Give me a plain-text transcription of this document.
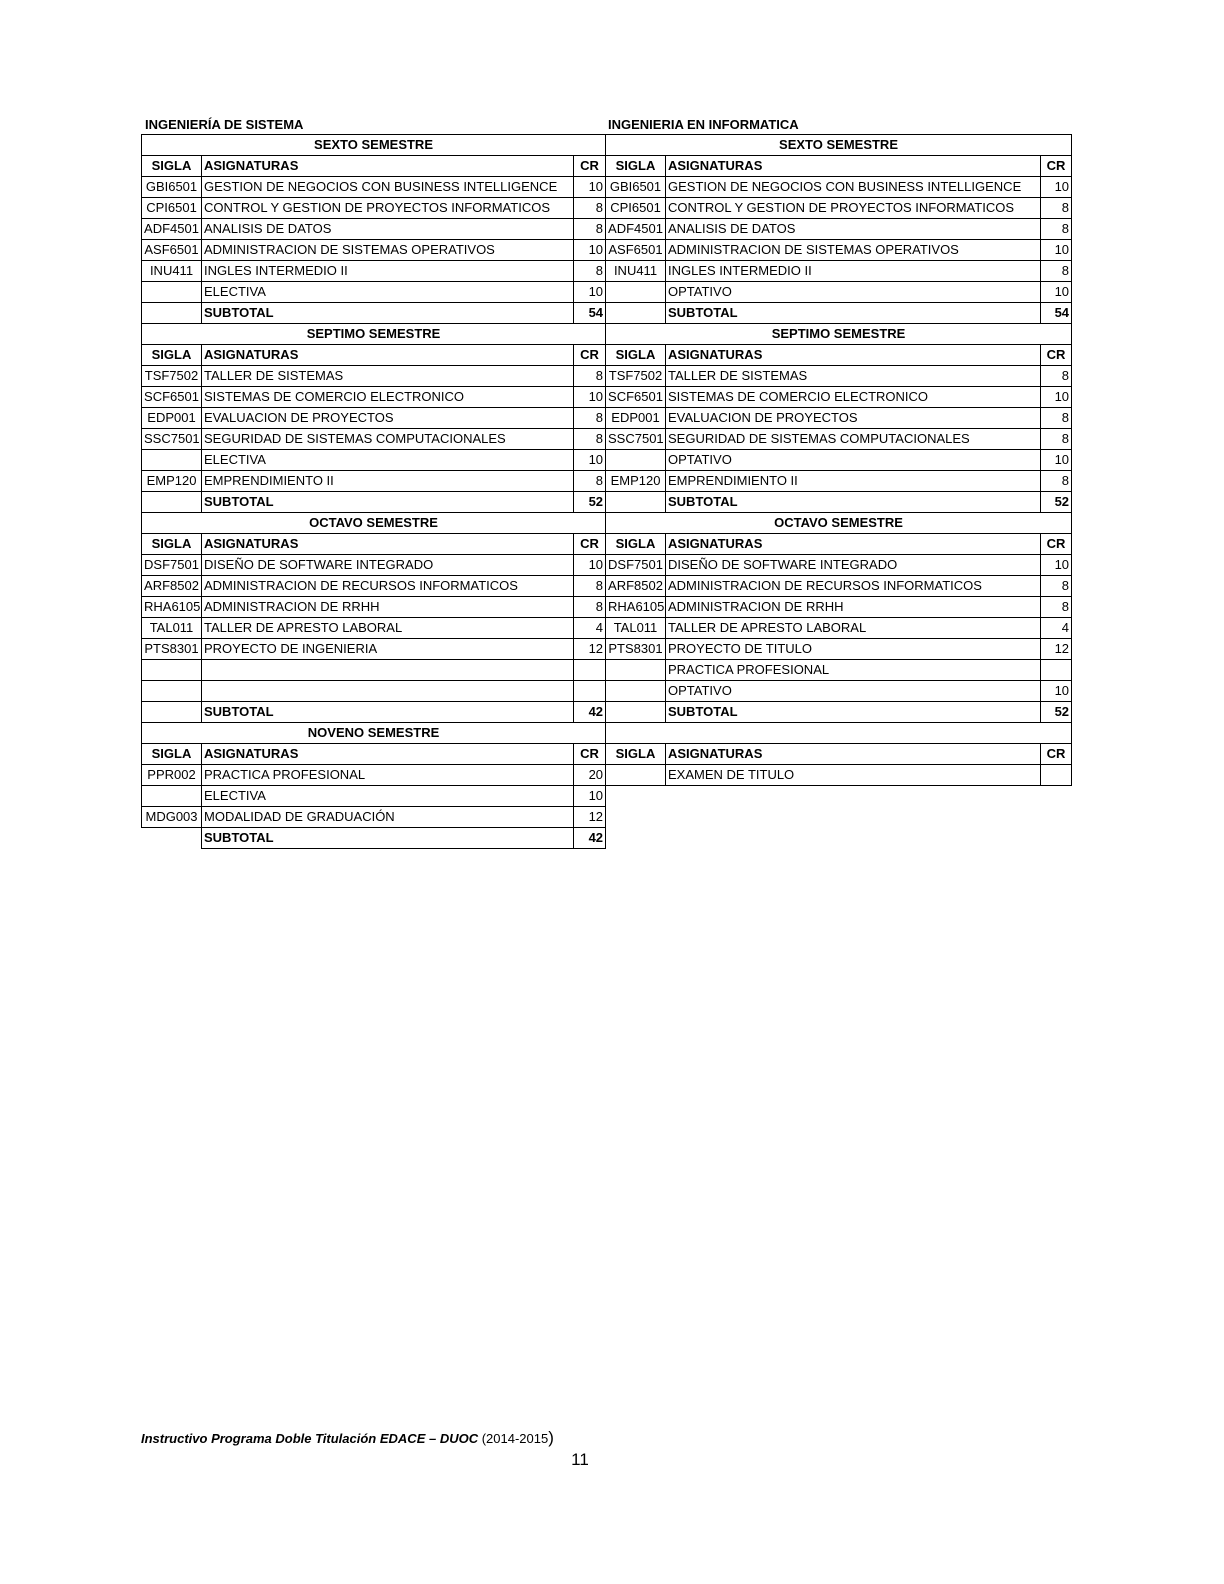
INGENIERÍA DE SISTEMA	INGENIERIA EN INFORMATICA

SEXTO SEMESTRE		
SIGLA	ASIGNATURAS	CR
GBI6501	GESTION DE NEGOCIOS CON BUSINESS INTELLIGENCE	10
CPI6501	CONTROL Y GESTION DE PROYECTOS INFORMATICOS	8
ADF4501	ANALISIS DE DATOS	8
ASF6501	ADMINISTRACION DE SISTEMAS OPERATIVOS	10
INU411	INGLES INTERMEDIO II	8
	ELECTIVA	10
	SUBTOTAL	54
SEPTIMO SEMESTRE		
SIGLA	ASIGNATURAS	CR
TSF7502	TALLER DE SISTEMAS	8
SCF6501	SISTEMAS DE COMERCIO ELECTRONICO	10
EDP001	EVALUACION DE PROYECTOS	8
SSC7501	SEGURIDAD DE SISTEMAS COMPUTACIONALES	8
	ELECTIVA	10
EMP120	EMPRENDIMIENTO II	8
	SUBTOTAL	52
OCTAVO SEMESTRE		
SIGLA	ASIGNATURAS	CR
DSF7501	DISEÑO DE SOFTWARE INTEGRADO	10
ARF8502	ADMINISTRACION DE RECURSOS INFORMATICOS	8
RHA6105	ADMINISTRACION DE RRHH	8
TAL011	TALLER DE APRESTO LABORAL	4
PTS8301	PROYECTO DE INGENIERIA	12

	SUBTOTAL	42
NOVENO SEMESTRE		
SIGLA	ASIGNATURAS	CR
PPR002	PRACTICA PROFESIONAL	20
	ELECTIVA	10
MDG003	MODALIDAD DE GRADUACIÓN	12
	SUBTOTAL	42
SEXTO SEMESTRE		
SIGLA	ASIGNATURAS	CR
GBI6501	GESTION DE NEGOCIOS CON BUSINESS INTELLIGENCE	10
CPI6501	CONTROL Y GESTION DE PROYECTOS INFORMATICOS	8
ADF4501	ANALISIS DE DATOS	8
ASF6501	ADMINISTRACION DE SISTEMAS OPERATIVOS	10
INU411	INGLES INTERMEDIO II	8
	OPTATIVO	10
	SUBTOTAL	54
SEPTIMO SEMESTRE		
SIGLA	ASIGNATURAS	CR
TSF7502	TALLER DE SISTEMAS	8
SCF6501	SISTEMAS DE COMERCIO ELECTRONICO	10
EDP001	EVALUACION DE PROYECTOS	8
SSC7501	SEGURIDAD DE SISTEMAS COMPUTACIONALES	8
	OPTATIVO	10
EMP120	EMPRENDIMIENTO II	8
	SUBTOTAL	52
OCTAVO SEMESTRE		
SIGLA	ASIGNATURAS	CR
DSF7501	DISEÑO DE SOFTWARE INTEGRADO	10
ARF8502	ADMINISTRACION DE RECURSOS INFORMATICOS	8
RHA6105	ADMINISTRACION DE RRHH	8
TAL011	TALLER DE APRESTO LABORAL	4
PTS8301	PROYECTO DE TITULO	12
	PRACTICA PROFESIONAL	
	OPTATIVO	10
	SUBTOTAL	52

SIGLA	ASIGNATURAS	CR
	EXAMEN DE TITULO	

Instructivo Programa Doble Titulación EDACE – DUOC (2014-2015)

11
